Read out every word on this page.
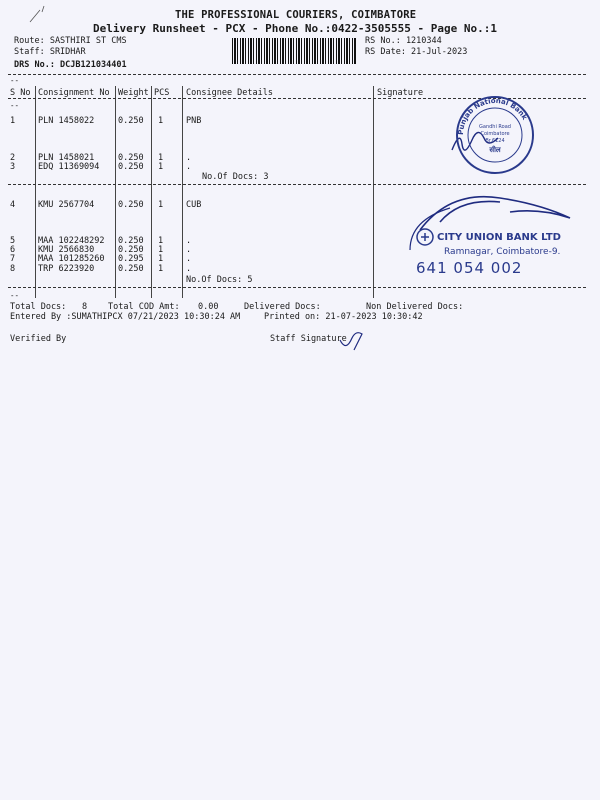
THE PROFESSIONAL COURIERS, COIMBATORE
Delivery Runsheet - PCX - Phone No.:0422-3505555 - Page No.:1
Route: SASTHIRI ST CMS
Staff: SRIDHAR
DRS No.: DCJB121034401
RS No.: 1210344
RS Date: 21-Jul-2023
--
S No Consignment No Weight PCS Consignee Details	Signature
--
1	PLN 1458022	0.250 1	PNB
2	PLN 1458021	0.250 1	.
3	EDQ 11369094 0.250 1	.
No.Of Docs: 3
4	KMU 2567704	0.250 1	CUB
5	MAA 102248292 0.250 1	.
6	KMU 2566830	0.250 1	.
7	MAA 101285260 0.295 1	.
8	TRP 6223920	0.250 1	.
No.Of Docs: 5
--
Total Docs: 8 Total COD Amt: 0.00	Delivered Docs:	Non Delivered Docs:
Entered By :SUMATHIPCX 07/21/2023 10:30:24 AM	Printed on: 21-07-2023 10:30:42
Verified By	Staff Signature
Punjab National Bank
Gandhi Road
Coimbatore
Br.6124
सील
CITY UNION BANK LTD
Ramnagar, Coimbatore-9.
641 054 002
